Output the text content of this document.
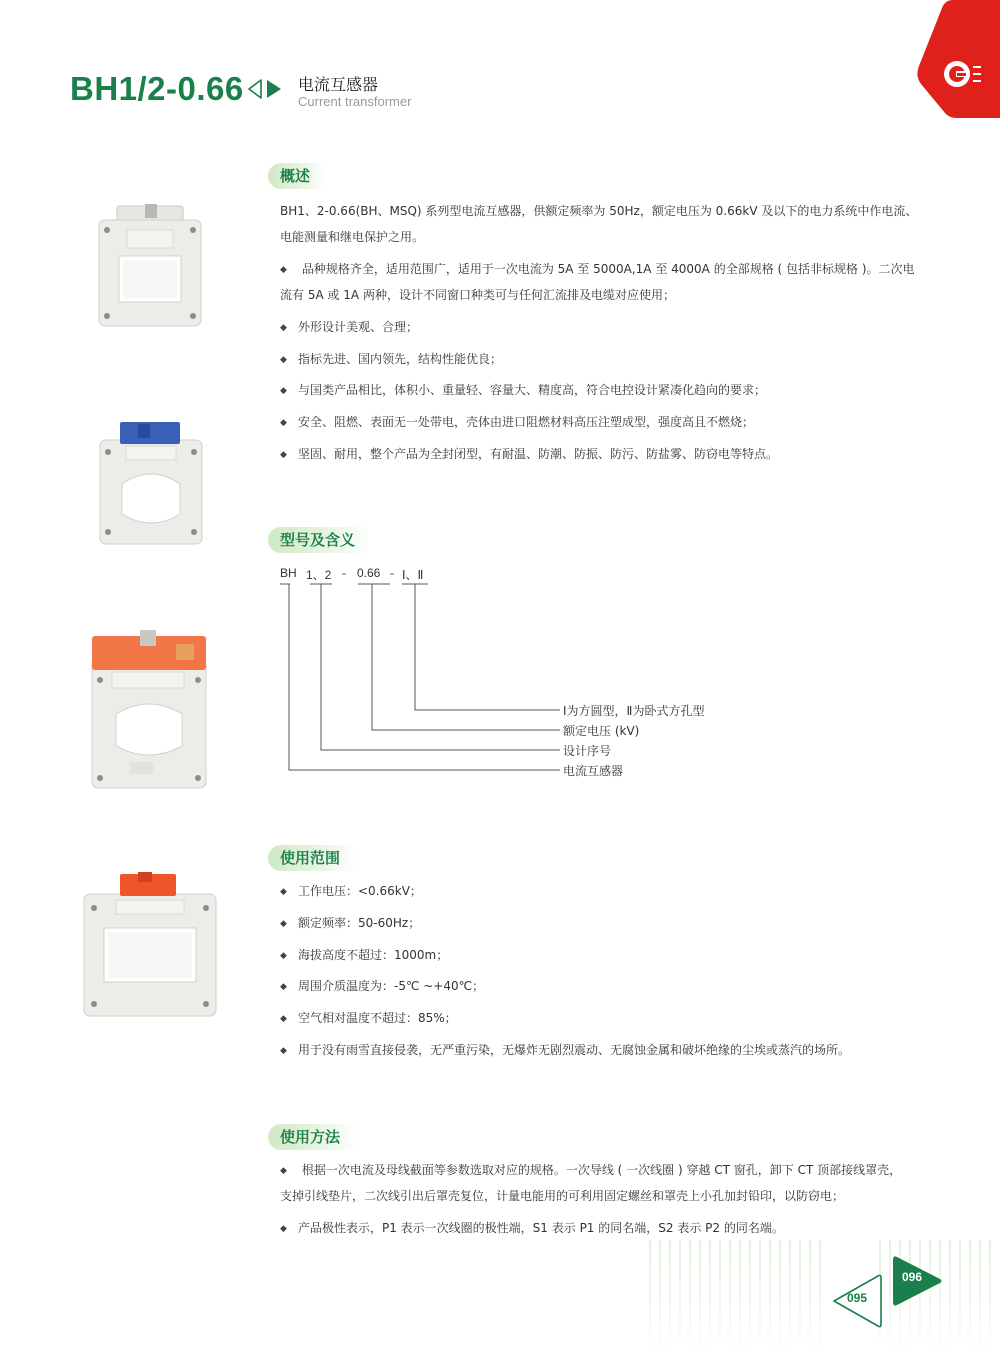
BH1/2-0.66	电流互感器
Current transformer
概述
BH1、2-0.66(BH、MSQ) 系列型电流互感器，供额定频率为 50Hz，额定电压为 0.66kV 及以下的电力系统中作电流、
电能测量和继电保护之用。
◆ 品种规格齐全，适用范围广，适用于一次电流为 5A 至 5000A,1A 至 4000A 的全部规格 ( 包括非标规格 )。二次电
流有 5A 或 1A 两种，设计不同窗口种类可与任何汇流排及电缆对应使用；
◆ 外形设计美观、合理；
◆ 指标先进、国内领先，结构性能优良；
◆ 与国类产品相比，体积小、重量轻、容量大、精度高，符合电控设计紧凑化趋向的要求；
◆ 安全、阻燃、表面无一处带电，壳体由进口阻燃材料高压注塑成型，强度高且不燃烧；
◆ 坚固、耐用，整个产品为全封闭型，有耐温、防潮、防振、防污、防盐雾、防窃电等特点。
型号及含义
BH 1、2 - 0.66 - Ⅰ、Ⅱ
Ⅰ为方圆型，Ⅱ为卧式方孔型
额定电压 (kV)
设计序号
电流互感器
使用范围
◆ 工作电压：<0.66kV；
◆ 额定频率：50-60Hz；
◆ 海拔高度不超过：1000m；
◆ 周围介质温度为：-5℃ ~+40℃；
◆ 空气相对温度不超过：85%；
◆ 用于没有雨雪直接侵袭，无严重污染，无爆炸无剧烈震动、无腐蚀金属和破坏绝缘的尘埃或蒸汽的场所。
使用方法
◆ 根据一次电流及母线截面等参数选取对应的规格。一次导线 ( 一次线圈 ) 穿越 CT 窗孔，卸下 CT 顶部接线罩壳，
支掉引线垫片，二次线引出后罩壳复位，计量电能用的可利用固定螺丝和罩壳上小孔加封铅印，以防窃电；
◆ 产品极性表示，P1 表示一次线圈的极性端，S1 表示 P1 的同名端，S2 表示 P2 的同名端。
095
096
